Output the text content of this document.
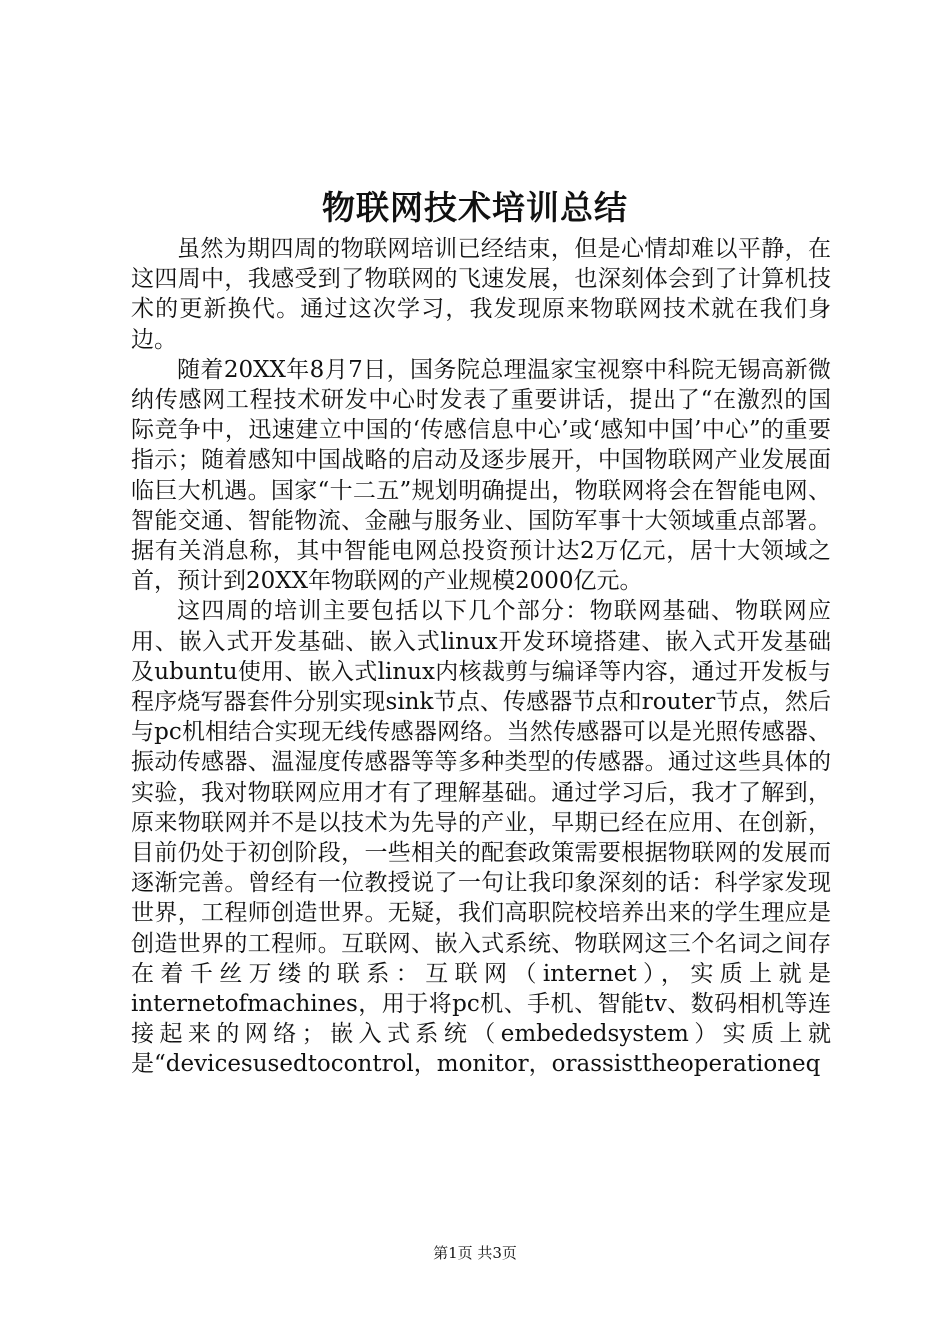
物联网技术培训总结

虽然为期四周的物联网培训已经结束，但是心情却难以平静，在这四周中，我感受到了物联网的飞速发展，也深刻体会到了计算机技术的更新换代。通过这次学习，我发现原来物联网技术就在我们身边。

随着20XX年8月7日，国务院总理温家宝视察中科院无锡高新微纳传感网工程技术研发中心时发表了重要讲话，提出了“在激烈的国际竞争中，迅速建立中国的‘传感信息中心’或‘感知中国’中心”的重要指示；随着感知中国战略的启动及逐步展开，中国物联网产业发展面临巨大机遇。国家“十二五”规划明确提出，物联网将会在智能电网、智能交通、智能物流、金融与服务业、国防军事十大领域重点部署。据有关消息称，其中智能电网总投资预计达2万亿元，居十大领域之首，预计到20XX年物联网的产业规模2000亿元。

这四周的培训主要包括以下几个部分：物联网基础、物联网应用、嵌入式开发基础、嵌入式linux开发环境搭建、嵌入式开发基础及ubuntu使用、嵌入式linux内核裁剪与编译等内容，通过开发板与程序烧写器套件分别实现sink节点、传感器节点和router节点，然后与pc机相结合实现无线传感器网络。当然传感器可以是光照传感器、振动传感器、温湿度传感器等等多种类型的传感器。通过这些具体的实验，我对物联网应用才有了理解基础。通过学习后，我才了解到，原来物联网并不是以技术为先导的产业，早期已经在应用、在创新，目前仍处于初创阶段，一些相关的配套政策需要根据物联网的发展而逐渐完善。曾经有一位教授说了一句让我印象深刻的话：科学家发现世界，工程师创造世界。无疑，我们高职院校培养出来的学生理应是创造世界的工程师。互联网、嵌入式系统、物联网这三个名词之间存在着千丝万缕的联系：互联网（internet），实质上就是internetofmachines，用于将pc机、手机、智能tv、数码相机等连接起来的网络；嵌入式系统（embededsystem）实质上就是“devicesusedtocontrol，monitor，orassisttheoperationeq

第1页 共3页
